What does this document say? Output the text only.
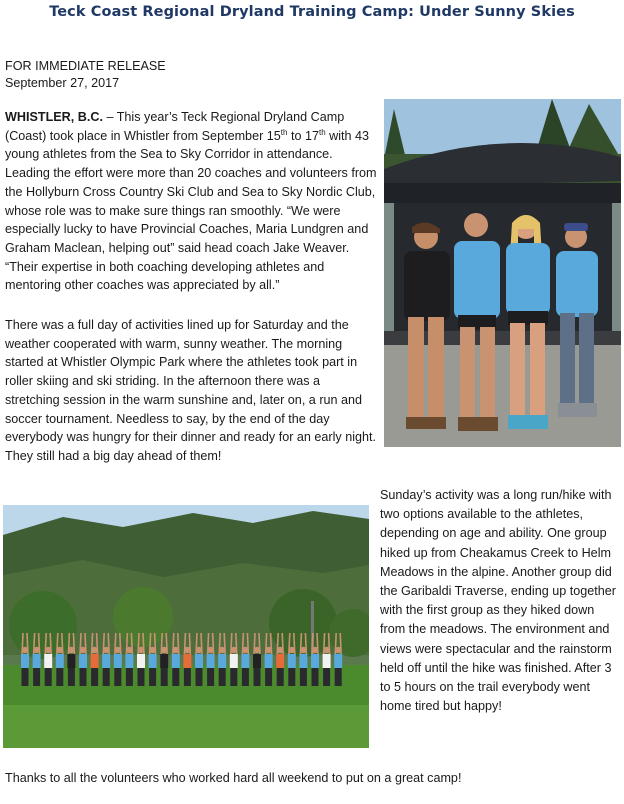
Teck Coast Regional Dryland Training Camp: Under Sunny Skies
FOR IMMEDIATE RELEASE
September 27, 2017

WHISTLER, B.C. – This year’s Teck Regional Dryland Camp (Coast) took place in Whistler from September 15th to 17th with 43 young athletes from the Sea to Sky Corridor in attendance. Leading the effort were more than 20 coaches and volunteers from the Hollyburn Cross Country Ski Club and Sea to Sky Nordic Club, whose role was to make sure things ran smoothly. “We were especially lucky to have Provincial Coaches, Maria Lundgren and Graham Maclean, helping out” said head coach Jake Weaver. “Their expertise in both coaching developing athletes and mentoring other coaches was appreciated by all.”

There was a full day of activities lined up for Saturday and the weather cooperated with warm, sunny weather. The morning started at Whistler Olympic Park where the athletes took part in roller skiing and ski striding. In the afternoon there was a stretching session in the warm sunshine and, later on, a run and soccer tournament. Needless to say, by the end of the day everybody was hungry for their dinner and ready for an early night. They still had a big day ahead of them!

Sunday’s activity was a long run/hike with two options available to the athletes, depending on age and ability. One group hiked up from Cheakamus Creek to Helm Meadows in the alpine. Another group did the Garibaldi Traverse, ending up together with the first group as they hiked down from the meadows. The environment and views were spectacular and the rainstorm held off until the hike was finished. After 3 to 5 hours on the trail everybody went home tired but happy!

Thanks to all the volunteers who worked hard all weekend to put on a great camp!
